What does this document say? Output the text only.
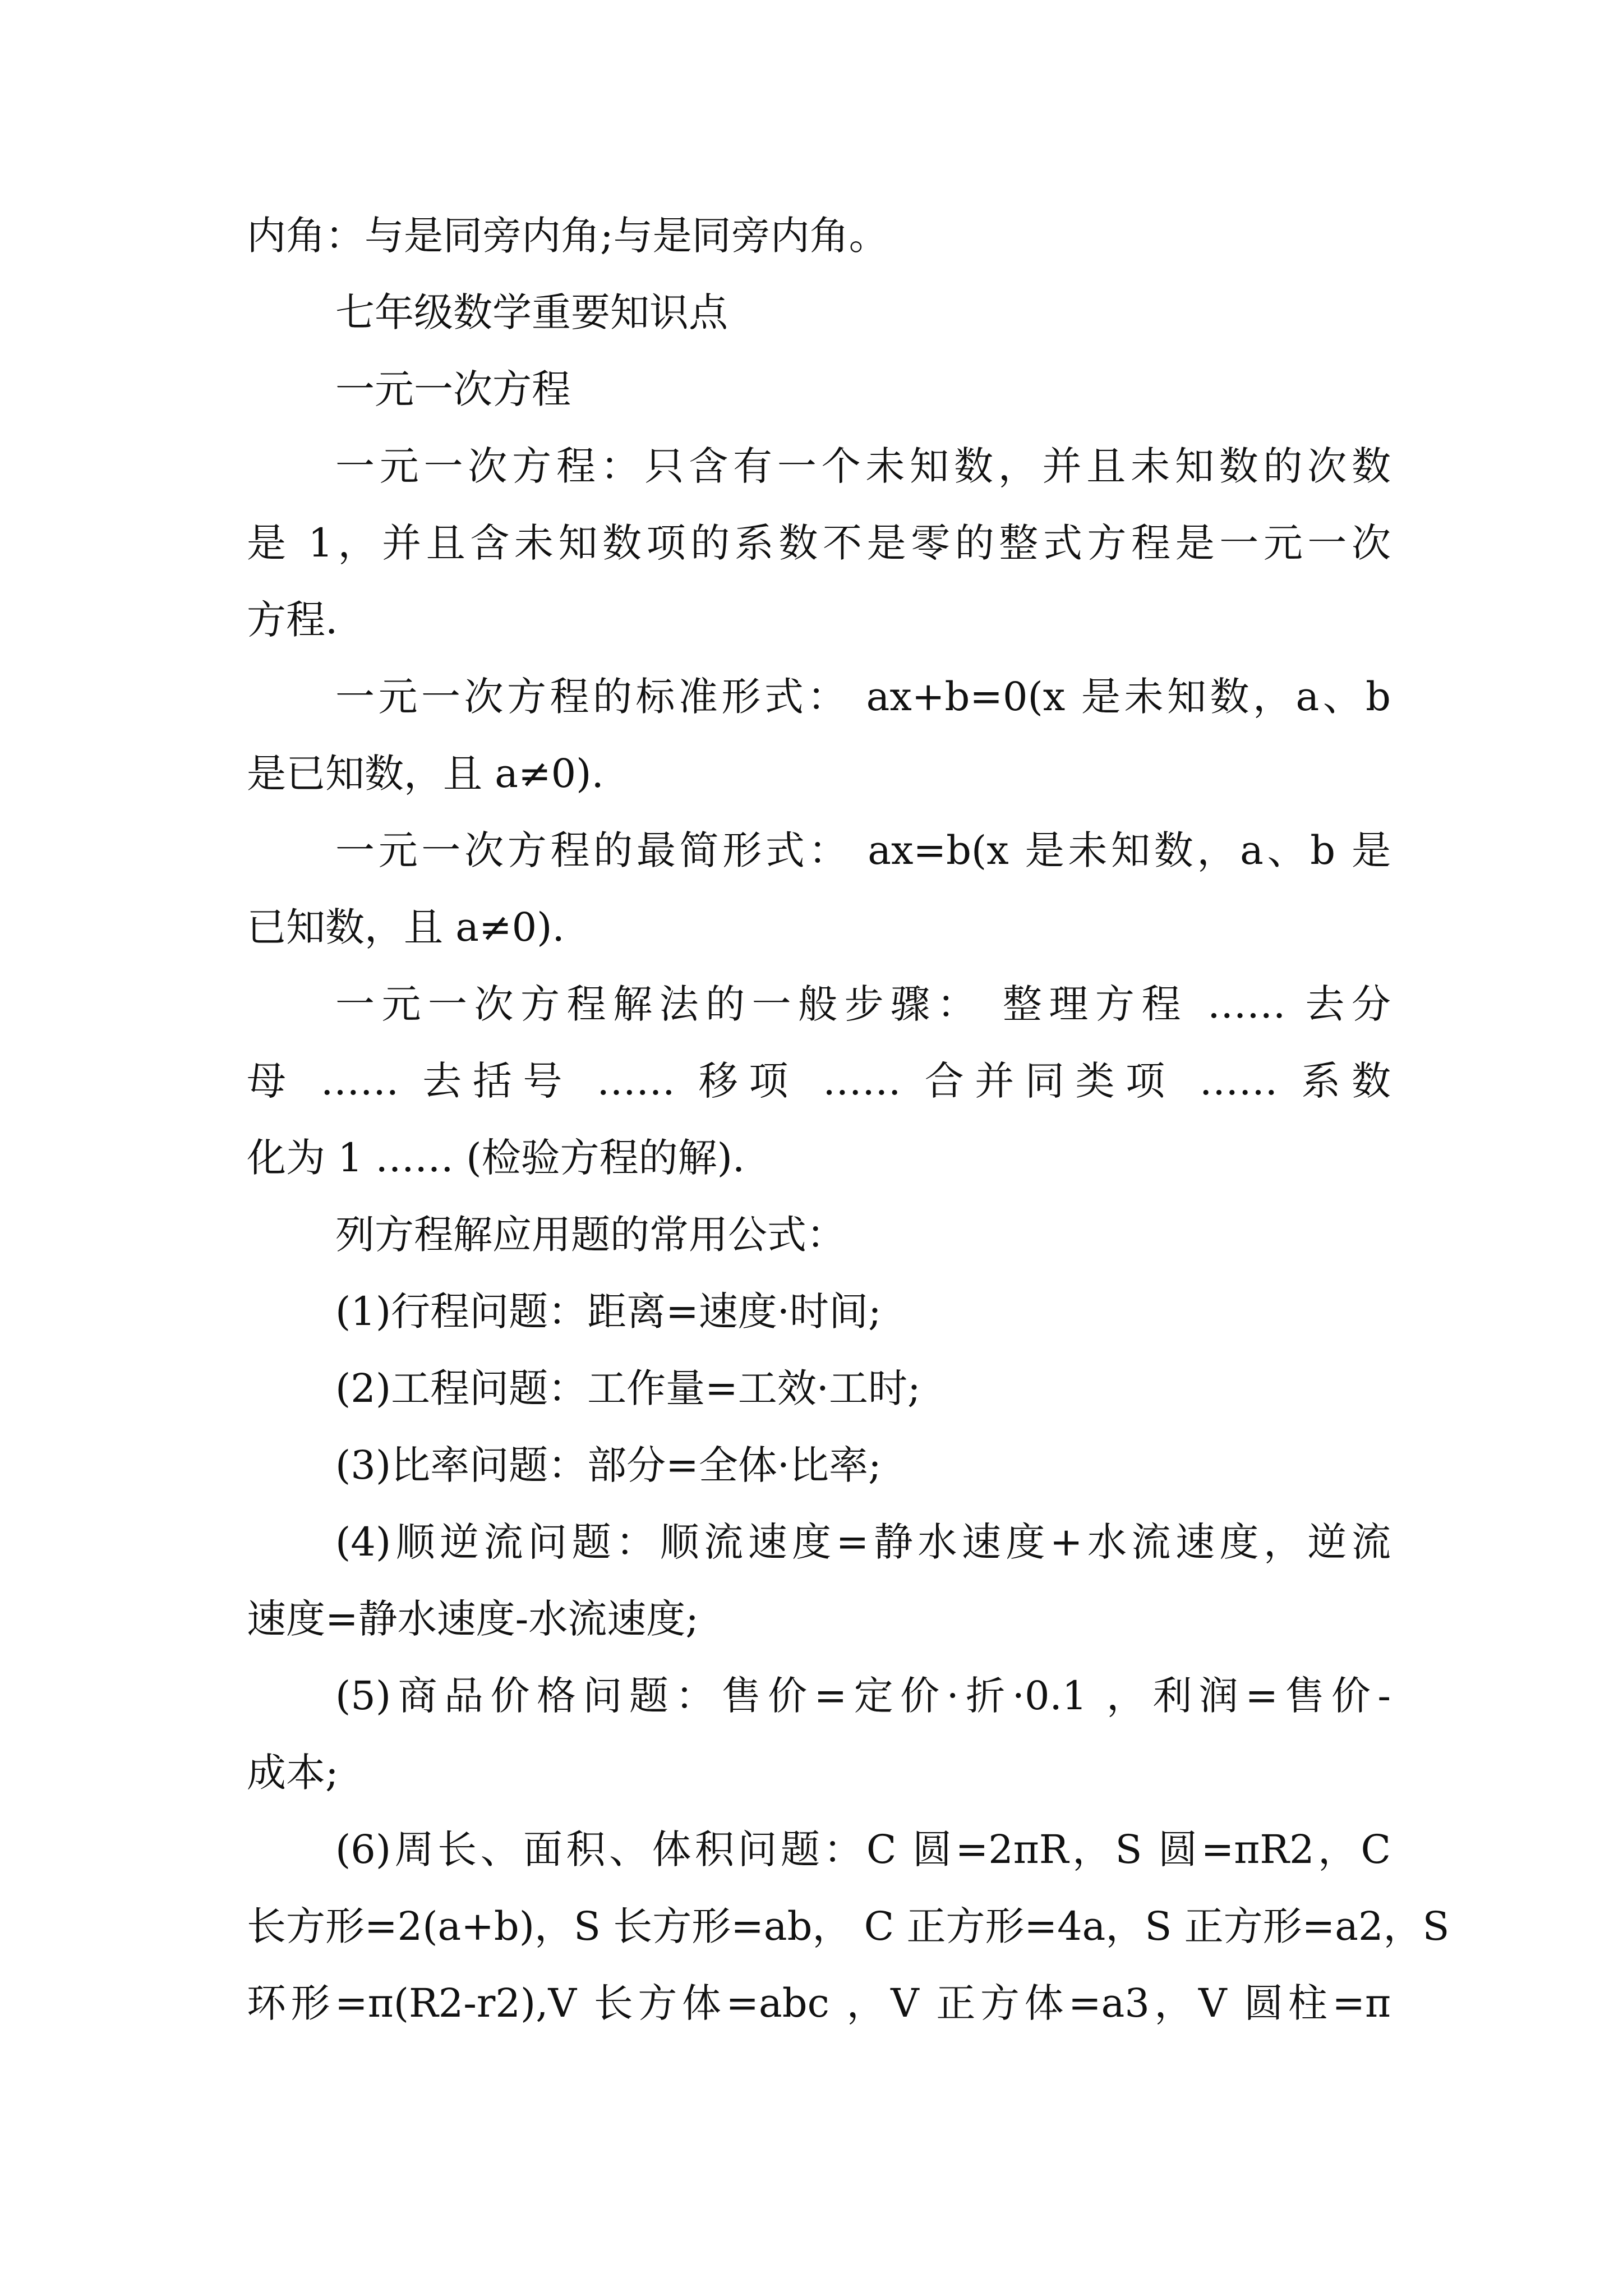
内角：与是同旁内角;与是同旁内角。
七年级数学重要知识点
一元一次方程
一元一次方程：只含有一个未知数，并且未知数的次数
是 1，并且含未知数项的系数不是零的整式方程是一元一次
方程.
一元一次方程的标准形式： ax+b=0(x 是未知数，a、b
是已知数，且 a≠0).
一元一次方程的最简形式： ax=b(x 是未知数，a、b 是
已知数，且 a≠0).
一元一次方程解法的一般步骤： 整理方程 …… 去分
母 …… 去括号 …… 移项 …… 合并同类项 …… 系数
化为 1 …… (检验方程的解).
列方程解应用题的常用公式：
(1)行程问题：距离=速度·时间;
(2)工程问题：工作量=工效·工时;
(3)比率问题：部分=全体·比率;
(4)顺逆流问题：顺流速度=静水速度+水流速度，逆流
速度=静水速度-水流速度;
(5)商品价格问题：售价=定价·折·0.1 ，利润=售价-
成本;
(6)周长、面积、体积问题：C 圆=2πR，S 圆=πR2，C
长方形=2(a+b)，S 长方形=ab， C 正方形=4a，S 正方形=a2，S
环形=π(R2-r2),V 长方体=abc ，V 正方体=a3，V 圆柱=π
